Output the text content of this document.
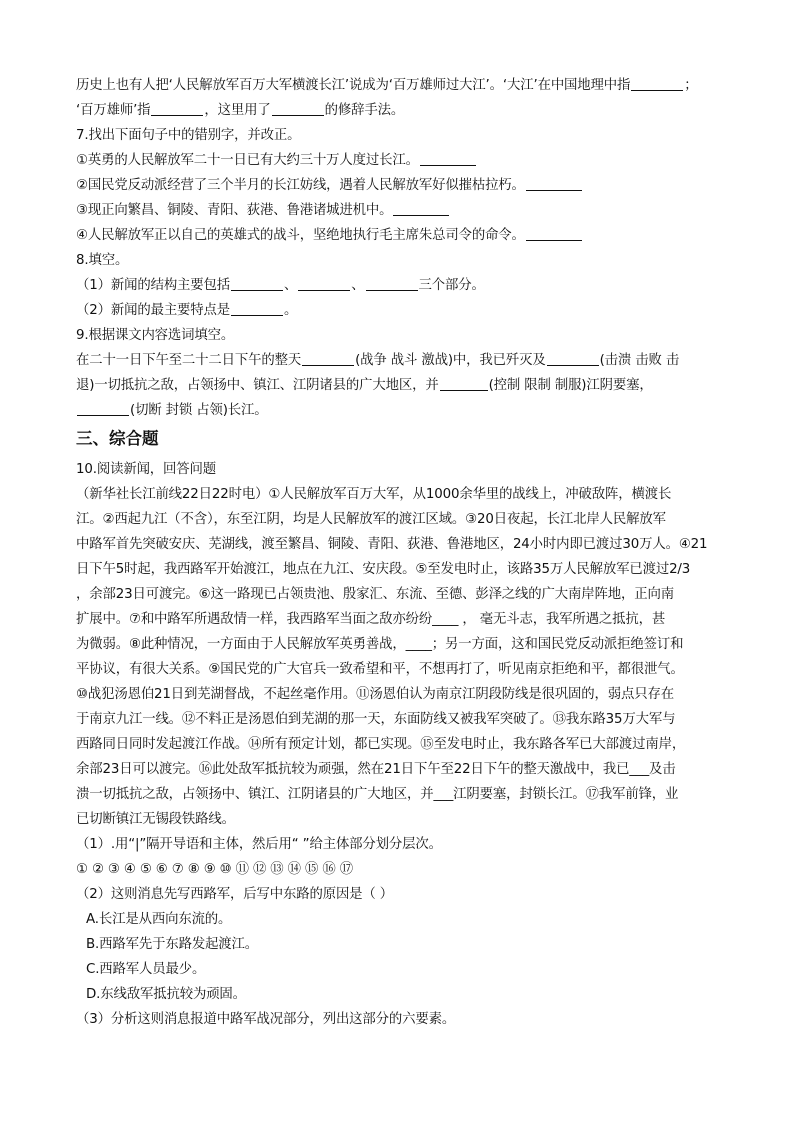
历史上也有人把‘人民解放军百万大军横渡长江’说成为‘百万雄师过大江’。‘大江’在中国地理中指	；
‘百万雄师’指	，这里用了	的修辞手法。
7.找出下面句子中的错别字，并改正。
①英勇的人民解放军二十一日已有大约三十万人度过长江。
②国民党反动派经营了三个半月的长江妨线，遇着人民解放军好似摧枯拉朽。
③现正向繁昌、铜陵、青阳、荻港、鲁港诸城进机中。
④人民解放军正以自己的英雄式的战斗，坚绝地执行毛主席朱总司令的命令。
8.填空。
（1）新闻的结构主要包括	、	、	三个部分。
（2）新闻的最主要特点是	。
9.根据课文内容选词填空。
在二十一日下午至二十二日下午的整天	(战争 战斗 激战)中，我已歼灭及	(击溃 击败 击
退)一切抵抗之敌，占领扬中、镇江、江阴诸县的广大地区，并	(控制 限制 制服)江阴要塞，
(切断 封锁 占领)长江。
三、综合题
10.阅读新闻，回答问题
（新华社长江前线22日22时电）①人民解放军百万大军，从1000余华里的战线上，冲破敌阵，横渡长
江。②西起九江（不含），东至江阴，均是人民解放军的渡江区域。③20日夜起，长江北岸人民解放军
中路军首先突破安庆、芜湖线，渡至繁昌、铜陵、青阳、荻港、鲁港地区，24小时内即已渡过30万人。④21
日下午5时起，我西路军开始渡江，地点在九江、安庆段。⑤至发电时止，该路35万人民解放军已渡过2/3
，余部23日可渡完。⑥这一路现已占领贵池、殷家汇、东流、至德、彭泽之线的广大南岸阵地，正向南
扩展中。⑦和中路军所遇敌情一样，我西路军当面之敌亦纷纷____ ， 毫无斗志，我军所遇之抵抗，甚
为微弱。⑧此种情况，一方面由于人民解放军英勇善战，____；另一方面，这和国民党反动派拒绝签订和
平协议，有很大关系。⑨国民党的广大官兵一致希望和平，不想再打了，听见南京拒绝和平，都很泄气。
⑩战犯汤恩伯21日到芜湖督战，不起丝毫作用。⑪汤恩伯认为南京江阴段防线是很巩固的，弱点只存在
于南京九江一线。⑫不料正是汤恩伯到芜湖的那一天，东面防线又被我军突破了。⑬我东路35万大军与
西路同日同时发起渡江作战。⑭所有预定计划，都已实现。⑮至发电时止，我东路各军已大部渡过南岸，
余部23日可以渡完。⑯此处敌军抵抗较为顽强，然在21日下午至22日下午的整天激战中，我已___及击
溃一切抵抗之敌，占领扬中、镇江、江阴诸县的广大地区，并___江阴要塞，封锁长江。⑰我军前锋，业
已切断镇江无锡段铁路线。
（1）.用“|”隔开导语和主体，然后用“ ”给主体部分划分层次。
① ② ③ ④ ⑤ ⑥ ⑦ ⑧ ⑨ ⑩ ⑪ ⑫ ⑬ ⑭ ⑮ ⑯ ⑰
（2）这则消息先写西路军，后写中东路的原因是（ ）
A.长江是从西向东流的。
B.西路军先于东路发起渡江。
C.西路军人员最少。
D.东线敌军抵抗较为顽固。
（3）分析这则消息报道中路军战况部分，列出这部分的六要素。
